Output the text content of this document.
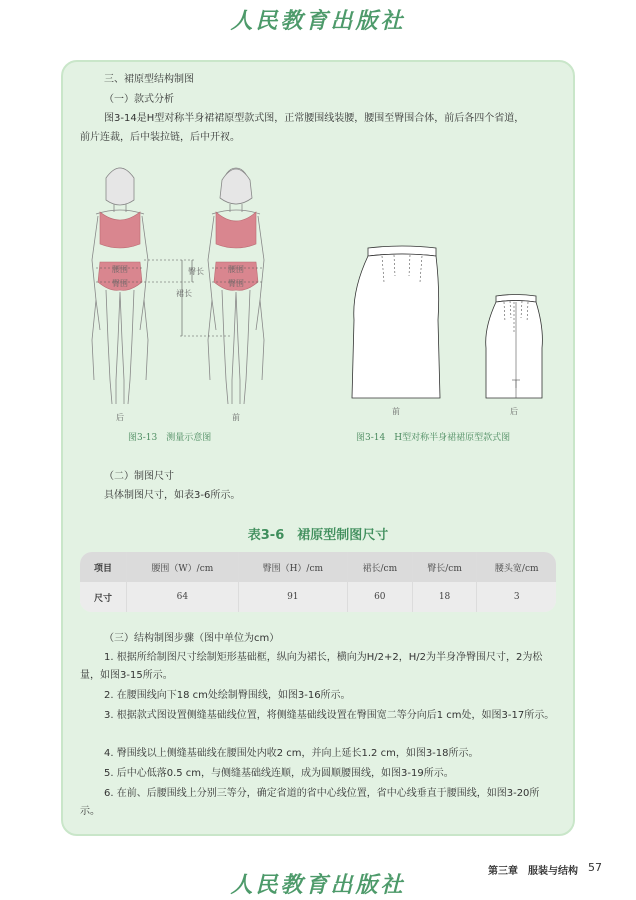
人民教育出版社
三、裙原型结构制图
（一）款式分析
图3-14是H型对称半身裙裙原型款式图，正常腰围线装腰，腰围至臀围合体，前后各四个省道，
前片连裁，后中装拉链，后中开衩。
腰围
臀围
腰围
臀围
臀长
裙长
后	前
图3-13　测量示意图
前	后
图3-14　H型对称半身裙裙原型款式图
（二）制图尺寸
具体制图尺寸，如表3-6所示。
表3-6　裙原型制图尺寸
项目	腰围（W）/cm	臀围（H）/cm	裙长/cm	臀长/cm	腰头宽/cm
尺寸	64	91	60	18	3
（三）结构制图步骤（图中单位为cm）
1. 根据所给制图尺寸绘制矩形基础框，纵向为裙长，横向为H/2+2，H/2为半身净臀围尺寸，2为松量，如图3-15所示。
2. 在腰围线向下18 cm处绘制臀围线，如图3-16所示。
3. 根据款式图设置侧缝基础线位置，将侧缝基础线设置在臀围宽二等分向后1 cm处，如图3-17所示。
4. 臀围线以上侧缝基础线在腰围处内收2 cm，并向上延长1.2 cm，如图3-18所示。
5. 后中心低落0.5 cm，与侧缝基础线连顺，成为圆顺腰围线，如图3-19所示。
6. 在前、后腰围线上分别三等分，确定省道的省中心线位置，省中心线垂直于腰围线，如图3-20所示。
第三章　服装与结构 57
人民教育出版社
